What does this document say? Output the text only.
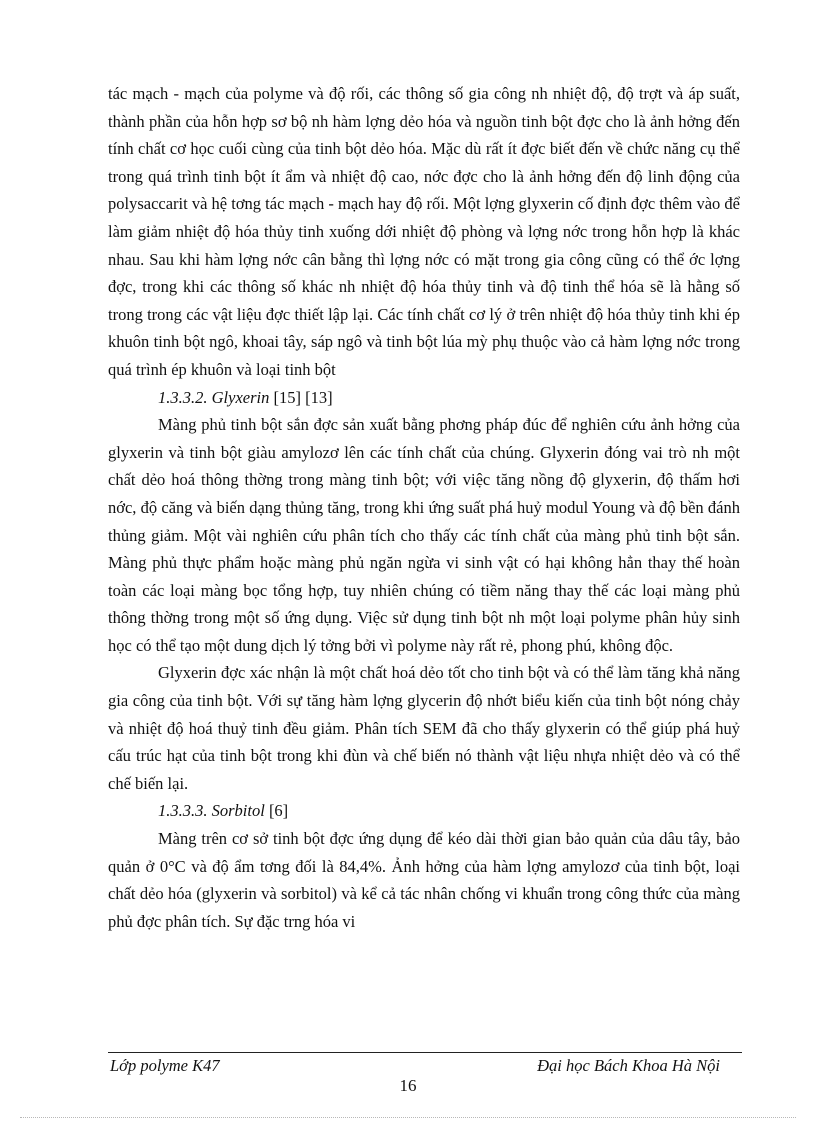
tác mạch - mạch của polyme và độ rối, các thông số gia công nh nhiệt độ, độ trợt và áp suất, thành phần của hỗn hợp sơ bộ nh hàm lợng dẻo hóa và nguồn tinh bột đợc cho là ảnh hởng đến tính chất cơ học cuối cùng của tinh bột dẻo hóa. Mặc dù rất ít đợc biết đến về chức năng cụ thể trong quá trình tinh bột ít ẩm và nhiệt độ cao, nớc đợc cho là ảnh hởng đến độ linh động của polysaccarit và hệ tơng tác mạch - mạch hay độ rối. Một lợng glyxerin cố định đợc thêm vào để làm giảm nhiệt độ hóa thủy tinh xuống dới nhiệt độ phòng và lợng nớc trong hỗn hợp là khác nhau. Sau khi hàm lợng nớc cân bằng thì lợng nớc có mặt trong gia công cũng có thể ớc lợng đợc, trong khi các thông số khác nh nhiệt độ hóa thủy tinh và độ tinh thể hóa sẽ là hằng số trong trong các vật liệu đợc thiết lập lại. Các tính chất cơ lý ở trên nhiệt độ hóa thủy tinh khi ép khuôn tinh bột ngô, khoai tây, sáp ngô và tinh bột lúa mỳ phụ thuộc vào cả hàm lợng nớc trong quá trình ép khuôn và loại tinh bột

1.3.3.2. Glyxerin [15] [13]

Màng phủ tinh bột sắn đợc sản xuất bằng phơng pháp đúc để nghiên cứu ảnh hởng của glyxerin và tinh bột giàu amylozơ lên các tính chất của chúng. Glyxerin đóng vai trò nh một chất dẻo hoá thông thờng trong màng tinh bột; với việc tăng nồng độ glyxerin, độ thấm hơi nớc, độ căng và biến dạng thủng tăng, trong khi ứng suất phá huỷ modul Young và độ bền đánh thủng giảm. Một vài nghiên cứu phân tích cho thấy các tính chất của màng phủ tinh bột sắn. Màng phủ thực phẩm hoặc màng phủ ngăn ngừa vi sinh vật có hại không hẳn thay thế hoàn toàn các loại màng bọc tổng hợp, tuy nhiên chúng có tiềm năng thay thế các loại màng phủ thông thờng trong một số ứng dụng. Việc sử dụng tinh bột nh một loại polyme phân hủy sinh học có thể tạo một dung dịch lý tởng bởi vì polyme này rất rẻ, phong phú, không độc.

Glyxerin đợc xác nhận là một chất hoá dẻo tốt cho tinh bột và có thể làm tăng khả năng gia công của tinh bột. Với sự tăng hàm lợng glycerin độ nhớt biểu kiến của tinh bột nóng chảy và nhiệt độ hoá thuỷ tinh đều giảm. Phân tích SEM đã cho thấy glyxerin có thể giúp phá huỷ cấu trúc hạt của tinh bột trong khi đùn và chế biến nó thành vật liệu nhựa nhiệt dẻo và có thể chế biến lại.

1.3.3.3. Sorbitol [6]

Màng trên cơ sở tinh bột đợc ứng dụng để kéo dài thời gian bảo quản của dâu tây, bảo quản ở 0°C và độ ẩm tơng đối là 84,4%. Ảnh hởng của hàm lợng amylozơ của tinh bột, loại chất dẻo hóa (glyxerin và sorbitol) và kể cả tác nhân chống vi khuẩn trong công thức của màng phủ đợc phân tích. Sự đặc trng hóa vi

Lớp polyme K47	Đại học Bách Khoa Hà Nội
16
